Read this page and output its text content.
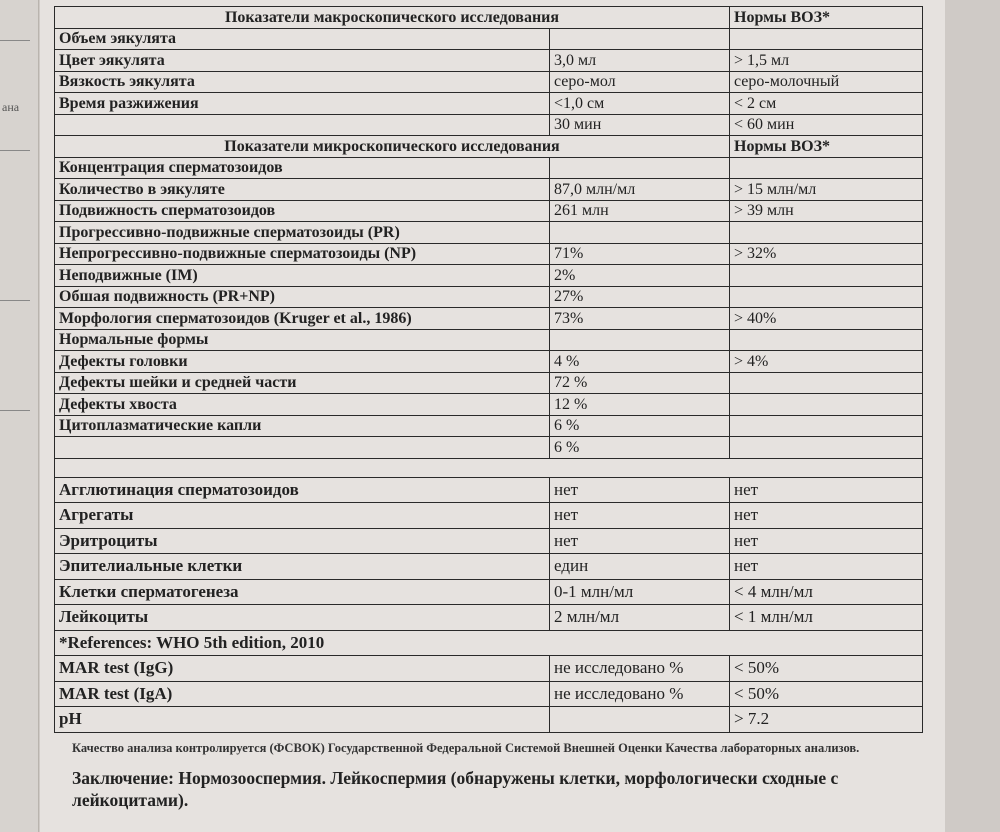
ана
Показатели макроскопического исследования		Нормы ВОЗ*
Объем эякулята		
Цвет эякулята	3,0 мл	> 1,5 мл
Вязкость эякулята	серо-мол	серо-молочный
Время разжижения	<1,0 см	< 2 см
	30 мин	< 60 мин
Показатели микроскопического исследования		Нормы ВОЗ*
Концентрация сперматозоидов		
Количество в эякуляте	87,0 млн/мл	> 15 млн/мл
Подвижность сперматозоидов	261 млн	> 39 млн
Прогрессивно-подвижные сперматозоиды (PR)		
Непрогрессивно-подвижные сперматозоиды (NP)	71%	> 32%
Неподвижные (IM)	2%	
Обшая подвижность (PR+NP)	27%	
Морфология сперматозоидов (Kruger et al., 1986)	73%	> 40%
Нормальные формы		
Дефекты головки	4 %	> 4%
Дефекты шейки и средней части	72 %	
Дефекты хвоста	12 %	
Цитоплазматические капли	6 %	
	6 %	

Агглютинация сперматозоидов	нет	нет
Агрегаты	нет	нет
Эритроциты	нет	нет
Эпителиальные клетки	един	нет
Клетки сперматогенеза	0-1 млн/мл	< 4 млн/мл
Лейкоциты	2 млн/мл	< 1 млн/мл
*References: WHO 5th edition, 2010		
MAR test (IgG)	не исследовано %	< 50%
MAR test (IgA)	не исследовано %	< 50%
pH		> 7.2
Качество анализа контролируется (ФСВОК) Государственной Федеральной Системой Внешней Оценки Качества лабораторных анализов.
Заключение: Нормозооспермия. Лейкоспермия (обнаружены клетки, морфологически сходные с лейкоцитами).
